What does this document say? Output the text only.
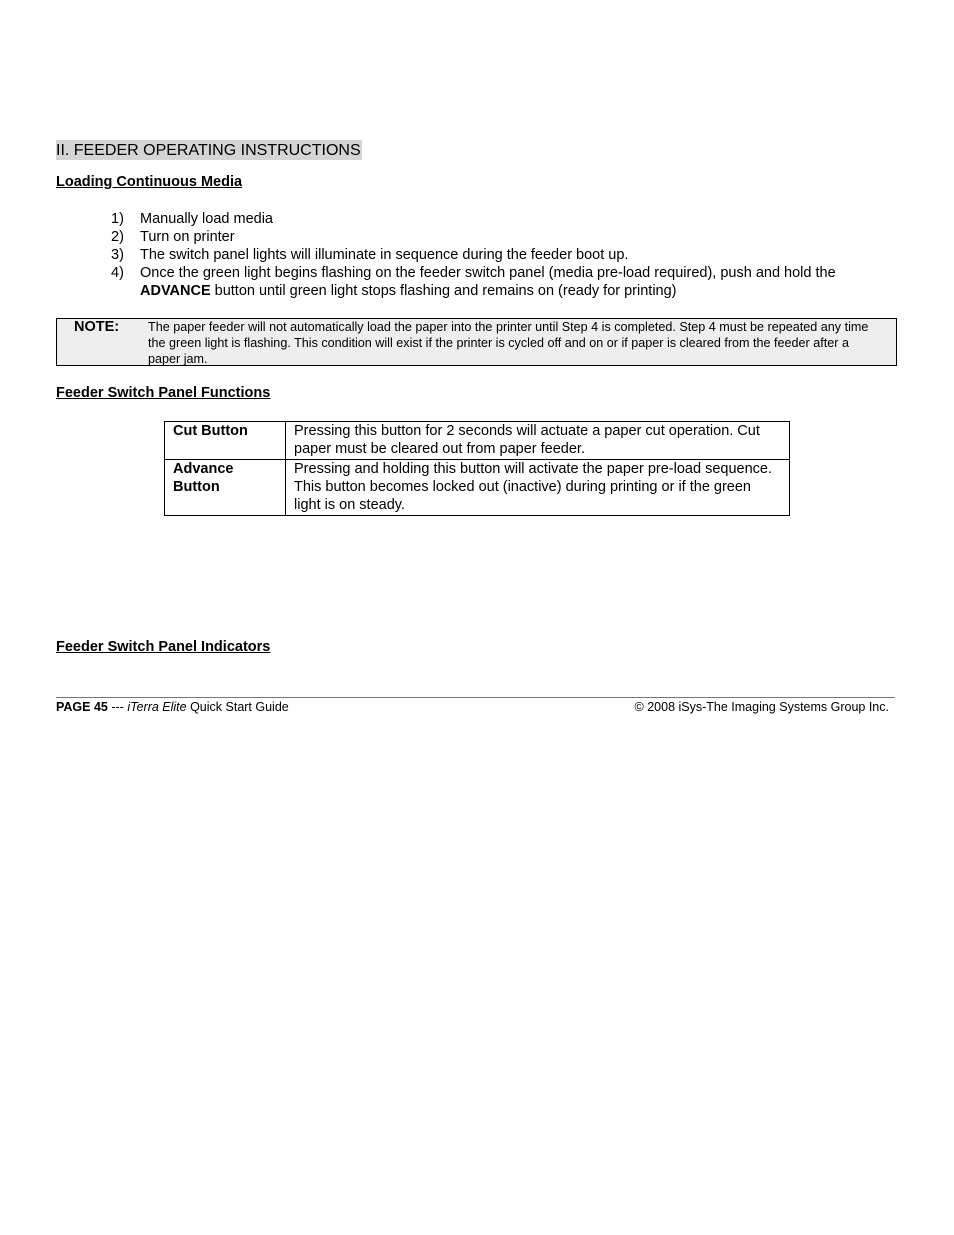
II. FEEDER OPERATING INSTRUCTIONS
Loading Continuous Media
1)	Manually load media
2)	Turn on printer
3)	The switch panel lights will illuminate in sequence during the feeder boot up.
4)	Once the green light begins flashing on the feeder switch panel (media pre-load required), push and hold the ADVANCE button until green light stops flashing and remains on (ready for printing)
NOTE: The paper feeder will not automatically load the paper into the printer until Step 4 is completed. Step 4 must be repeated any time the green light is flashing. This condition will exist if the printer is cycled off and on or if paper is cleared from the feeder after a paper jam.
Feeder Switch Panel Functions
Cut Button	Pressing this button for 2 seconds will actuate a paper cut operation. Cut paper must be cleared out from paper feeder.
Advance Button	Pressing and holding this button will activate the paper pre-load sequence. This button becomes locked out (inactive) during printing or if the green light is on steady.
Feeder Switch Panel Indicators
PAGE 45 --- iTerra Elite Quick Start Guide	© 2008 iSys-The Imaging Systems Group Inc.
